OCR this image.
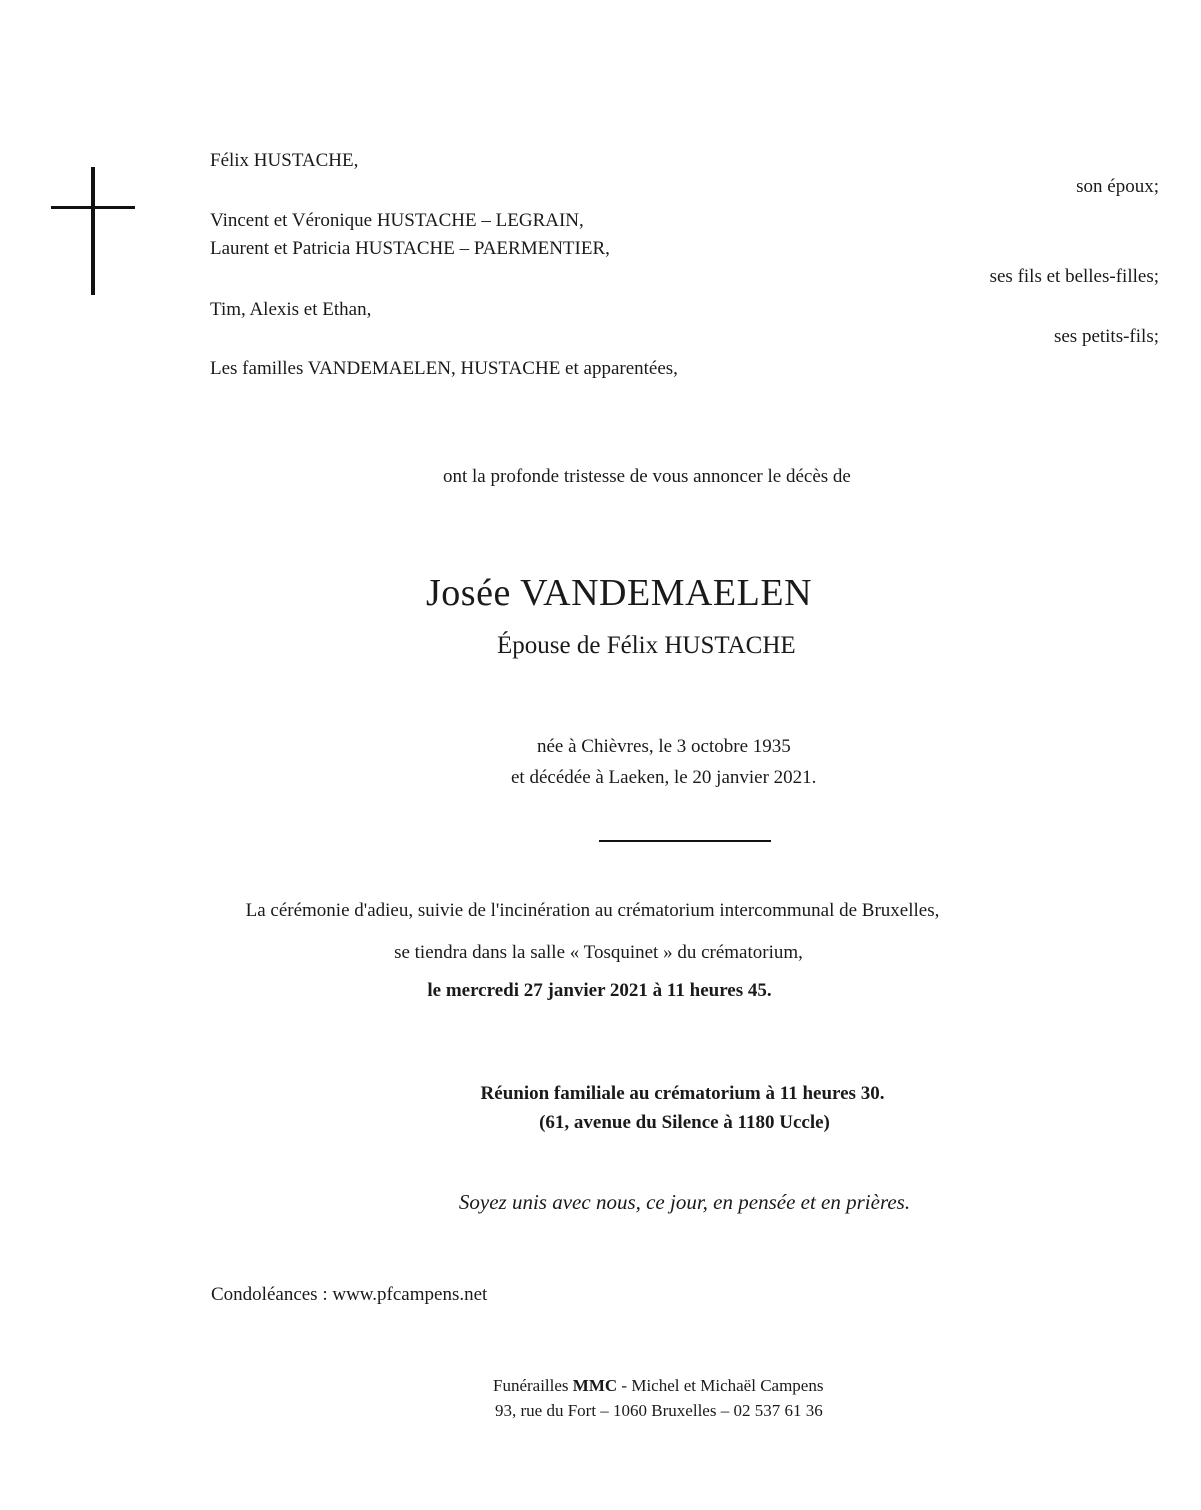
Félix HUSTACHE,
son époux;
Vincent et Véronique HUSTACHE – LEGRAIN,
Laurent et Patricia HUSTACHE – PAERMENTIER,
ses fils et belles-filles;
Tim, Alexis et Ethan,
ses petits-fils;
Les familles VANDEMAELEN, HUSTACHE et apparentées,
ont la profonde tristesse de vous annoncer le décès de
Josée VANDEMAELEN
Épouse de Félix HUSTACHE
née à Chièvres, le 3 octobre 1935
et décédée à Laeken, le 20 janvier 2021.
La cérémonie d'adieu, suivie de l'incinération au crématorium intercommunal de Bruxelles,
se tiendra dans la salle « Tosquinet » du crématorium,
le mercredi 27 janvier 2021 à 11 heures 45.
Réunion familiale au crématorium à 11 heures 30.
(61, avenue du Silence à 1180 Uccle)
Soyez unis avec nous, ce jour, en pensée et en prières.
Condoléances : www.pfcampens.net
Funérailles MMC - Michel et Michaël Campens
93, rue du Fort – 1060 Bruxelles – 02 537 61 36
